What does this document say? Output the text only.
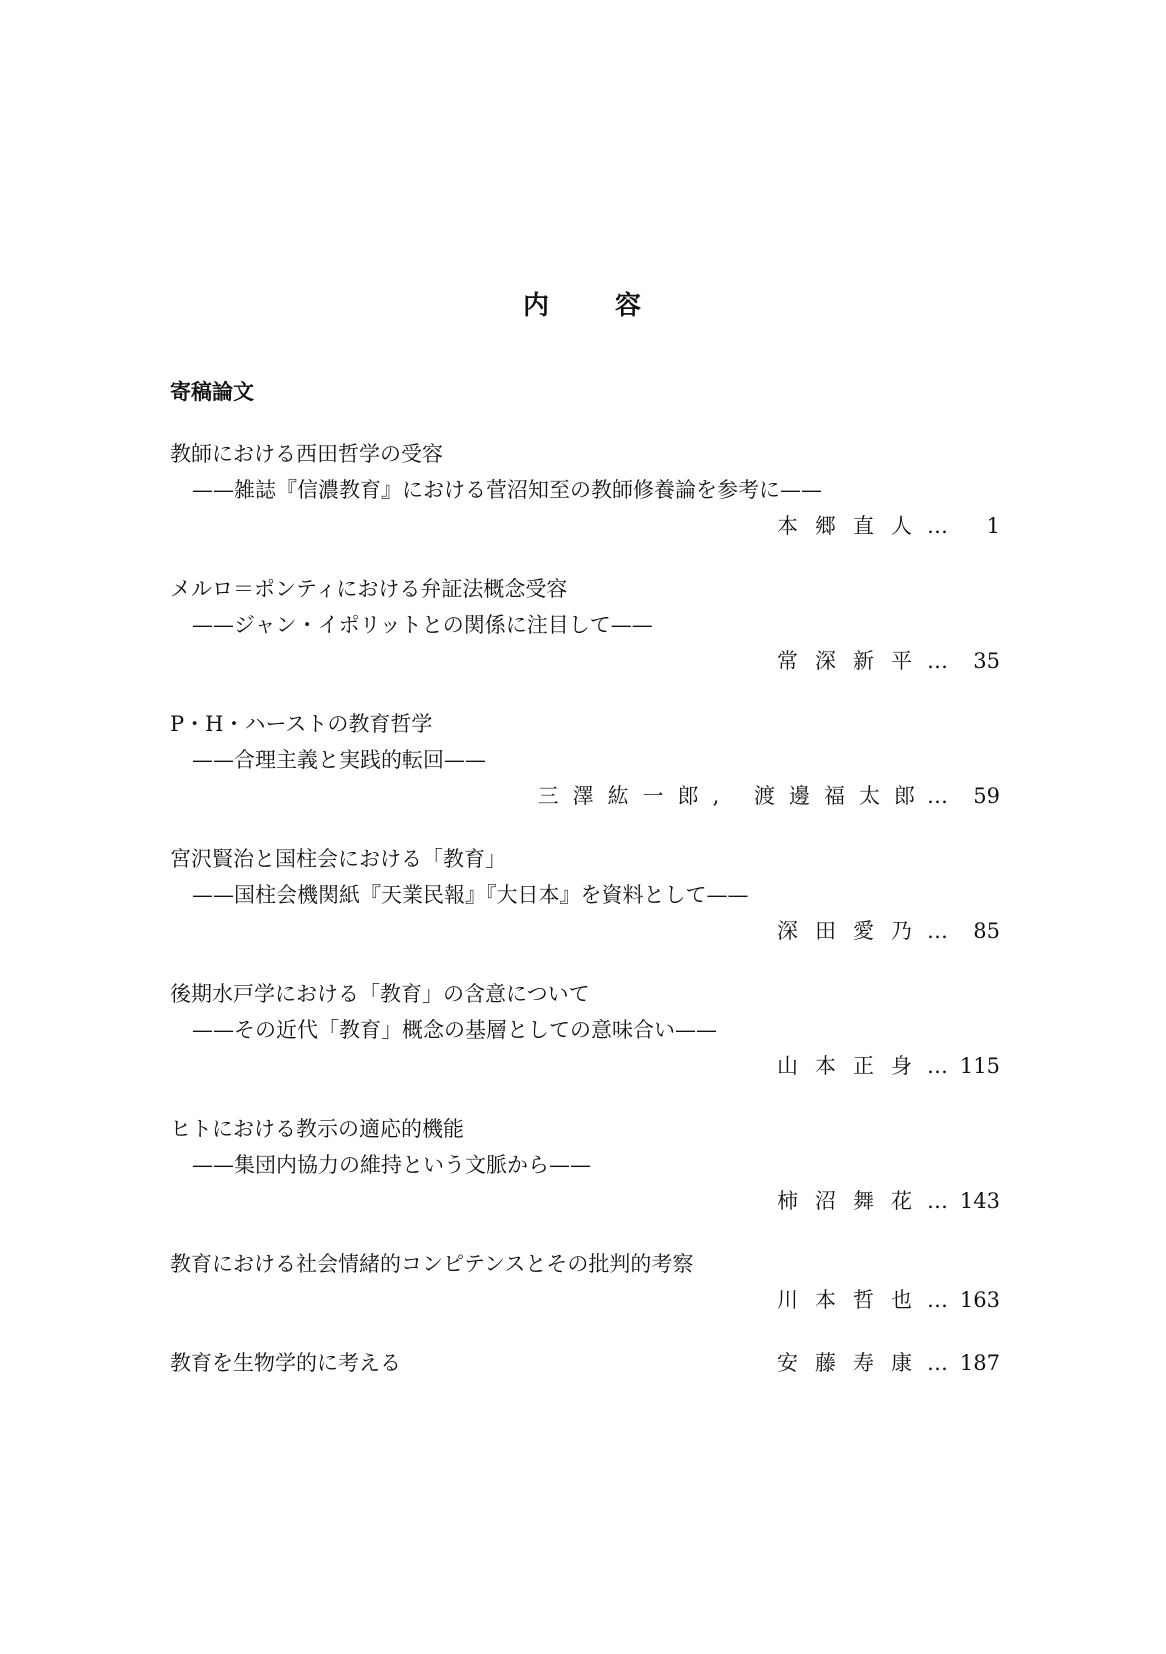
内 容
寄稿論文
教師における西田哲学の受容
——雑誌『信濃教育』における菅沼知至の教師修養論を参考に——
本郷直人… 1
メルロ＝ポンティにおける弁証法概念受容
——ジャン・イポリットとの関係に注目して——
常深新平… 35
P・H・ハーストの教育哲学
——合理主義と実践的転回——
三澤紘一郎, 渡邊福太郎… 59
宮沢賢治と国柱会における「教育」
——国柱会機関紙『天業民報』『大日本』を資料として——
深田愛乃… 85
後期水戸学における「教育」の含意について
——その近代「教育」概念の基層としての意味合い——
山本正身… 115
ヒトにおける教示の適応的機能
——集団内協力の維持という文脈から——
柿沼舞花… 143
教育における社会情緒的コンピテンスとその批判的考察
川本哲也… 163
教育を生物学的に考える	安藤寿康… 187
